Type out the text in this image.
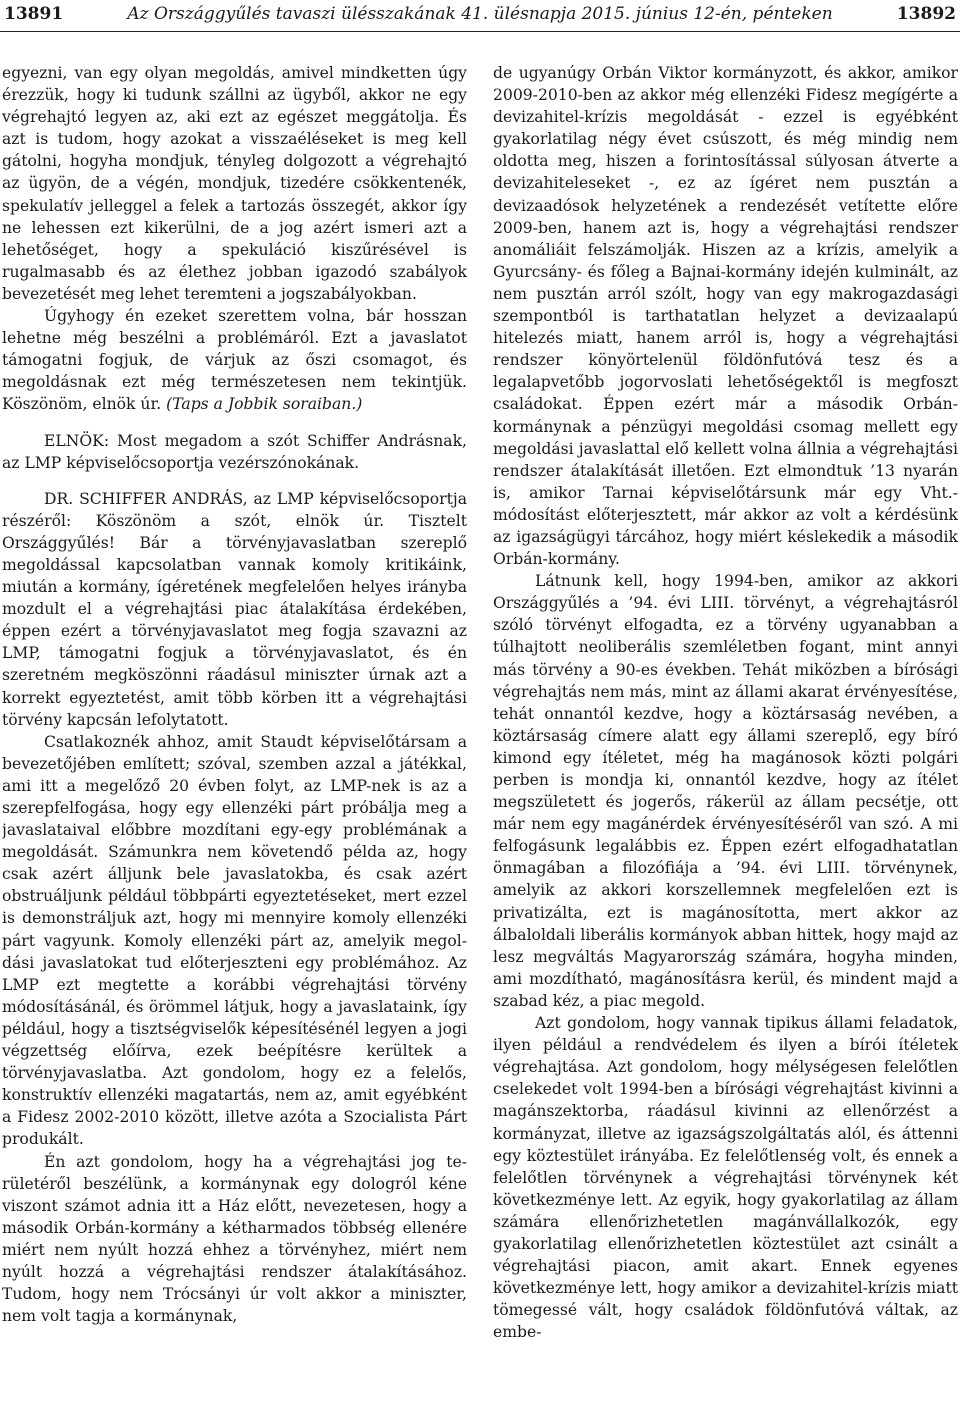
13891	Az Országgyűlés tavaszi ülésszakának 41. ülésnapja 2015. június 12-én, pénteken	13892

egyezni, van egy olyan megoldás, amivel mindketten úgy érezzük, hogy ki tudunk szállni az ügyből, akkor ne egy végrehajtó legyen az, aki ezt az egészet meggátolja. És azt is tudom, hogy azokat a visszaéléseket is meg kell gátolni, hogyha mondjuk, tényleg dolgozott a végrehajtó az ügyön, de a végén, mondjuk, tizedére csökkentenék, spekulatív jelleggel a felek a tartozás összegét, akkor így ne lehessen ezt kikerülni, de a jog azért ismeri azt a lehetőséget, hogy a spekuláció kiszűrésével is rugalmasabb és az élethez jobban igazodó szabályok bevezetését meg lehet teremteni a jogszabályokban.

Úgyhogy én ezeket szerettem volna, bár hosszan lehetne még beszélni a problémáról. Ezt a javaslatot támogatni fogjuk, de várjuk az őszi csomagot, és megoldásnak ezt még természetesen nem tekintjük. Köszönöm, elnök úr. (Taps a Jobbik soraiban.)

ELNÖK: Most megadom a szót Schiffer Andrásnak, az LMP képviselőcsoportja vezérszónokának.

DR. SCHIFFER ANDRÁS, az LMP képviselőcsoportja részéről: Köszönöm a szót, elnök úr. Tisztelt Országgyűlés! Bár a törvényjavaslatban szereplő megoldással kapcsolatban vannak komoly kritikáink, miután a kormány, ígéretének megfelelően helyes irányba mozdult el a végrehajtási piac átalakítása érdekében, éppen ezért a törvényjavaslatot meg fogja szavazni az LMP, támogatni fogjuk a törvényjavaslatot, és én szeretném megköszönni ráadásul miniszter úrnak azt a korrekt egyeztetést, amit több körben itt a végrehajtási törvény kapcsán lefolytatott.

Csatlakoznék ahhoz, amit Staudt képviselőtársam a bevezetőjében említett; szóval, szemben azzal a játékkal, ami itt a megelőző 20 évben folyt, az LMP-nek is az a szerepfelfogása, hogy egy ellenzéki párt próbálja meg a javaslataival előbbre mozdítani egy-egy problémának a megoldását. Számunkra nem követendő példa az, hogy csak azért álljunk bele javaslatokba, és csak azért obstruáljunk például többpárti egyeztetéseket, mert ezzel is demonstráljuk azt, hogy mi mennyire komoly ellenzéki párt vagyunk. Komoly ellenzéki párt az, amelyik megoldási javaslatokat tud előterjeszteni egy problémához. Az LMP ezt megtette a korábbi végrehajtási törvény módosításánál, és örömmel látjuk, hogy a javaslataink, így például, hogy a tisztségviselők képesítésénél legyen a jogi végzettség előírva, ezek beépítésre kerültek a törvényjavaslatba. Azt gondolom, hogy ez a felelős, konstruktív ellenzéki magatartás, nem az, amit egyébként a Fidesz 2002-2010 között, illetve azóta a Szocialista Párt produkált.

Én azt gondolom, hogy ha a végrehajtási jog területéről beszélünk, a kormánynak egy dologról kéne viszont számot adnia itt a Ház előtt, nevezetesen, hogy a második Orbán-kormány a kétharmados többség ellenére miért nem nyúlt hozzá ehhez a törvényhez, miért nem nyúlt hozzá a végrehajtási rendszer átalakításához. Tudom, hogy nem Trócsányi úr volt akkor a miniszter, nem volt tagja a kormánynak,

de ugyanúgy Orbán Viktor kormányzott, és akkor, amikor 2009-2010-ben az akkor még ellenzéki Fidesz megígérte a devizahitel-krízis megoldását - ezzel is egyébként gyakorlatilag négy évet csúszott, és még mindig nem oldotta meg, hiszen a forintosítással súlyosan átverte a devizahiteleseket -, ez az ígéret nem pusztán a devizaadósok helyzetének a rendezését vetítette előre 2009-ben, hanem azt is, hogy a végrehajtási rendszer anomáliáit felszámolják. Hiszen az a krízis, amelyik a Gyurcsány- és főleg a Bajnai-kormány idején kulminált, az nem pusztán arról szólt, hogy van egy makrogazdasági szempontból is tarthatatlan helyzet a devizaalapú hitelezés miatt, hanem arról is, hogy a végrehajtási rendszer könyörtelenül földönfutóvá tesz és a legalapvetőbb jogorvoslati lehetőségektől is megfoszt családokat. Éppen ezért már a második Orbán-kormánynak a pénzügyi megoldási csomag mellett egy megoldási javaslattal elő kellett volna állnia a végrehajtási rendszer átalakítását illetően. Ezt elmondtuk ’13 nyarán is, amikor Tarnai képviselőtársunk már egy Vht.-módosítást előterjesztett, már akkor az volt a kérdésünk az igazságügyi tárcához, hogy miért késlekedik a második Orbán-kormány.

Látnunk kell, hogy 1994-ben, amikor az akkori Országgyűlés a ’94. évi LIII. törvényt, a végrehajtásról szóló törvényt elfogadta, ez a törvény ugyanabban a túlhajtott neoliberális szemléletben fogant, mint annyi más törvény a 90-es években. Tehát miközben a bírósági végrehajtás nem más, mint az állami akarat érvényesítése, tehát onnantól kezdve, hogy a köztársaság nevében, a köztársaság címere alatt egy állami szereplő, egy bíró kimond egy ítéletet, még ha magánosok közti polgári perben is mondja ki, onnantól kezdve, hogy az ítélet megszületett és jogerős, rákerül az állam pecsétje, ott már nem egy magánérdek érvényesítéséről van szó. A mi felfogásunk legalábbis ez. Éppen ezért elfogadhatatlan önmagában a filozófiája a ’94. évi LIII. törvénynek, amelyik az akkori korszellemnek megfelelően ezt is privatizálta, ezt is magánosította, mert akkor az álbaloldali liberális kormányok abban hittek, hogy majd az lesz megváltás Magyarország számára, hogyha minden, ami mozdítható, magánosításra kerül, és mindent majd a szabad kéz, a piac megold.

Azt gondolom, hogy vannak tipikus állami feladatok, ilyen például a rendvédelem és ilyen a bírói ítéletek végrehajtása. Azt gondolom, hogy mélységesen felelőtlen cselekedet volt 1994-ben a bírósági végrehajtást kivinni a magánszektorba, ráadásul kivinni az ellenőrzést a kormányzat, illetve az igazságszolgáltatás alól, és áttenni egy köztestület irányába. Ez felelőtlenség volt, és ennek a felelőtlen törvénynek a végrehajtási törvénynek két következménye lett. Az egyik, hogy gyakorlatilag az állam számára ellenőrizhetetlen magánvállalkozók, egy gyakorlatilag ellenőrizhetetlen köztestület azt csinált a végrehajtási piacon, amit akart. Ennek egyenes következménye lett, hogy amikor a devizahitel-krízis miatt tömegessé vált, hogy családok földönfutóvá váltak, az embe-
